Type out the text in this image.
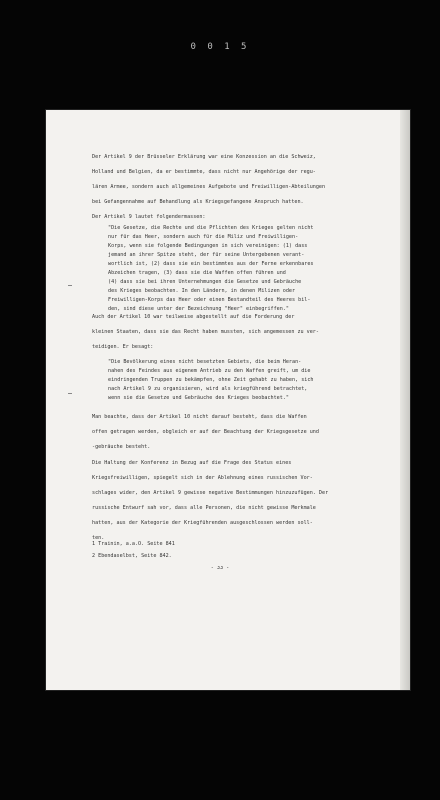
0 0 1 5
Der Artikel 9 der Brüsseler Erklärung war eine Konzession an die Schweiz,
Holland und Belgien, da er bestimmte, dass nicht nur Angehörige der regu-
lären Armee, sondern auch allgemeines Aufgebote und Freiwilligen-Abteilungen
bei Gefangennahme auf Behandlung als Kriegsgefangene Anspruch hatten.
Der Artikel 9 lautet folgendermassen:
"Die Gesetze, die Rechte und die Pflichten des Krieges gelten nicht
nur für das Heer, sondern auch für die Miliz und Freiwilligen-
Korps, wenn sie folgende Bedingungen in sich vereinigen: (1) dass
jemand an ihrer Spitze steht, der für seine Untergebenen verant-
wortlich ist, (2) dass sie ein bestimmtes aus der Ferne erkennbares
Abzeichen tragen, (3) dass sie die Waffen offen führen und
(4) dass sie bei ihren Unternehmungen die Gesetze und Gebräuche
des Krieges beobachten. In den Ländern, in denen Milizen oder
Freiwilligen-Korps das Heer oder einen Bestandteil des Heeres bil-
den, sind diese unter der Bezeichnung "Heer" einbegriffen."
Auch der Artikel 10 war teilweise abgestellt auf die Forderung der
kleinen Staaten, dass sie das Recht haben mussten, sich angemessen zu ver-
teidigen. Er besagt:
"Die Bevölkerung eines nicht besetzten Gebiets, die beim Heran-
nahen des Feindes aus eigenem Antrieb zu den Waffen greift, um die
eindringenden Truppen zu bekämpfen, ohne Zeit gehabt zu haben, sich
nach Artikel 9 zu organisieren, wird als kriegführend betrachtet,
wenn sie die Gesetze und Gebräuche des Krieges beobachtet."
Man beachte, dass der Artikel 10 nicht darauf besteht, dass die Waffen
offen getragen werden, obgleich er auf der Beachtung der Kriegsgesetze und
-gebräuche besteht.
Die Haltung der Konferenz in Bezug auf die Frage des Status eines
Kriegsfreiwilligen, spiegelt sich in der Ablehnung eines russischen Vor-
schlages wider, den Artikel 9 gewisse negative Bestimmungen hinzuzufügen. Der
russische Entwurf sah vor, dass alle Personen, die nicht gewisse Merkmale
hatten, aus der Kategorie der Kriegführenden ausgeschlossen werden soll-
ten.
1 Trainin, a.a.O. Seite 841
2 Ebendaselbst, Seite 842.
- 33 -
